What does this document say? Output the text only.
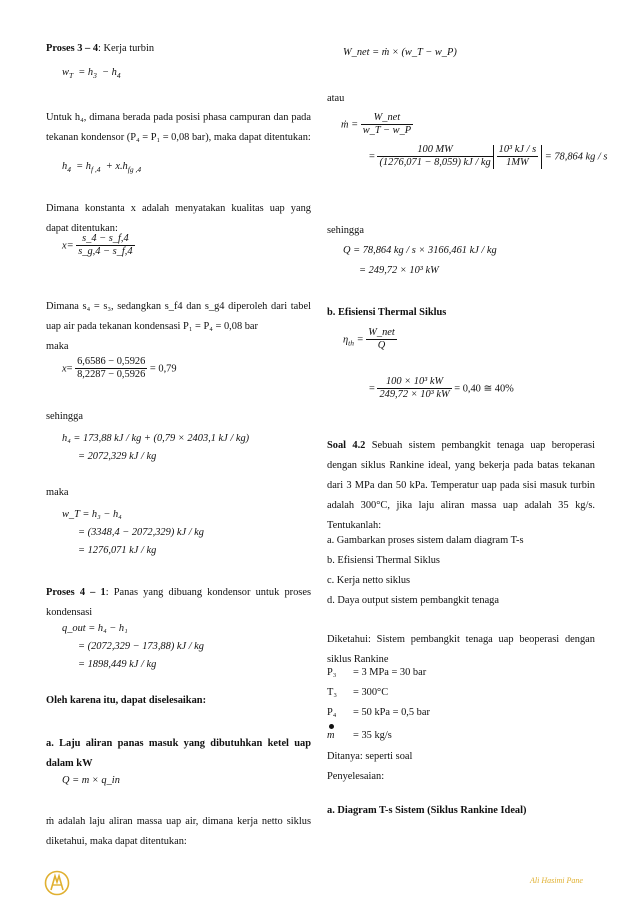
Proses 3 – 4: Kerja turbin
$w_T = h_3 - h_4$
Untuk h₄, dimana berada pada posisi phasa campuran dan pada tekanan kondensor (P₄ = P₁ = 0,08 bar), maka dapat ditentukan:
$h_4 = h_{f ,4} + x.h_{fg ,4}$
Dimana konstanta x adalah menyatakan kualitas uap yang dapat ditentukan:
$x= \frac{s\_4 - s\_f,4}{s\_g,4 - s\_f,4}$
Dimana s₄ = s₃, sedangkan s_f4 dan s_g4 diperoleh dari tabel uap air pada tekanan kondensasi P₁ = P₄ = 0,08 bar
maka
$x= \frac{6,6586 - 0,5926}{8,2287 - 0,5926} = 0,79$
sehingga
h₄ = 173,88 kJ / kg + (0,79 × 2403,1 kJ / kg)
= 2072,329 kJ / kg
maka
w_T = h₃ − h₄
= (3348,4 − 2072,329) kJ / kg
= 1276,071 kJ / kg
Proses 4 – 1: Panas yang dibuang kondensor untuk proses kondensasi
q_out = h₄ − h₁
= (2072,329 − 173,88) kJ / kg
= 1898,449 kJ / kg
Oleh karena itu, dapat diselesaikan:
a. Laju aliran panas masuk yang dibutuhkan ketel uap dalam kW
Q = m × q_in
ṁ adalah laju aliran massa uap air, dimana kerja netto siklus diketahui, maka dapat ditentukan:
W_net = ṁ × (w_T − w_P)
atau
ṁ = $\frac{\text{W\_net}}{w\_T - w\_P}$
= $\frac{100 MW}{(1276,071 - 8,059) kJ / kg} \frac{\text{10³ kJ / s}}{1MW} = 78,864$ kg / s
sehingga
Q = 78,864 kg / s × 3166,461 kJ / kg
= 249,72 × 10³ kW
b. Efisiensi Thermal Siklus
$\eta_{th} = \frac{\text{W\_net}}{Q}$
= $\frac{\text{100 × 10³ kW}}{\text{249,72 × 10³ kW}} = 0,40$ ≅ 40%
Soal 4.2 Sebuah sistem pembangkit tenaga uap beroperasi dengan siklus Rankine ideal, yang bekerja pada batas tekanan dari 3 MPa dan 50 kPa. Temperatur uap pada sisi masuk turbin adalah 300°C, jika laju aliran massa uap adalah 35 kg/s. Tentukanlah:
a. Gambarkan proses sistem dalam diagram T-s
b. Efisiensi Thermal Siklus
c. Kerja netto siklus
d. Daya output sistem pembangkit tenaga
Diketahui: Sistem pembangkit tenaga uap beoperasi dengan siklus Rankine
P₃ = 3 MPa = 30 bar
T₃ = 300°C
P₄ = 50 kPa = 0,5 bar
m = 35 kg/s
Ditanya: seperti soal
Penyelesaian:
a. Diagram T-s Sistem (Siklus Rankine Ideal)
Ali Hasimi Pane
